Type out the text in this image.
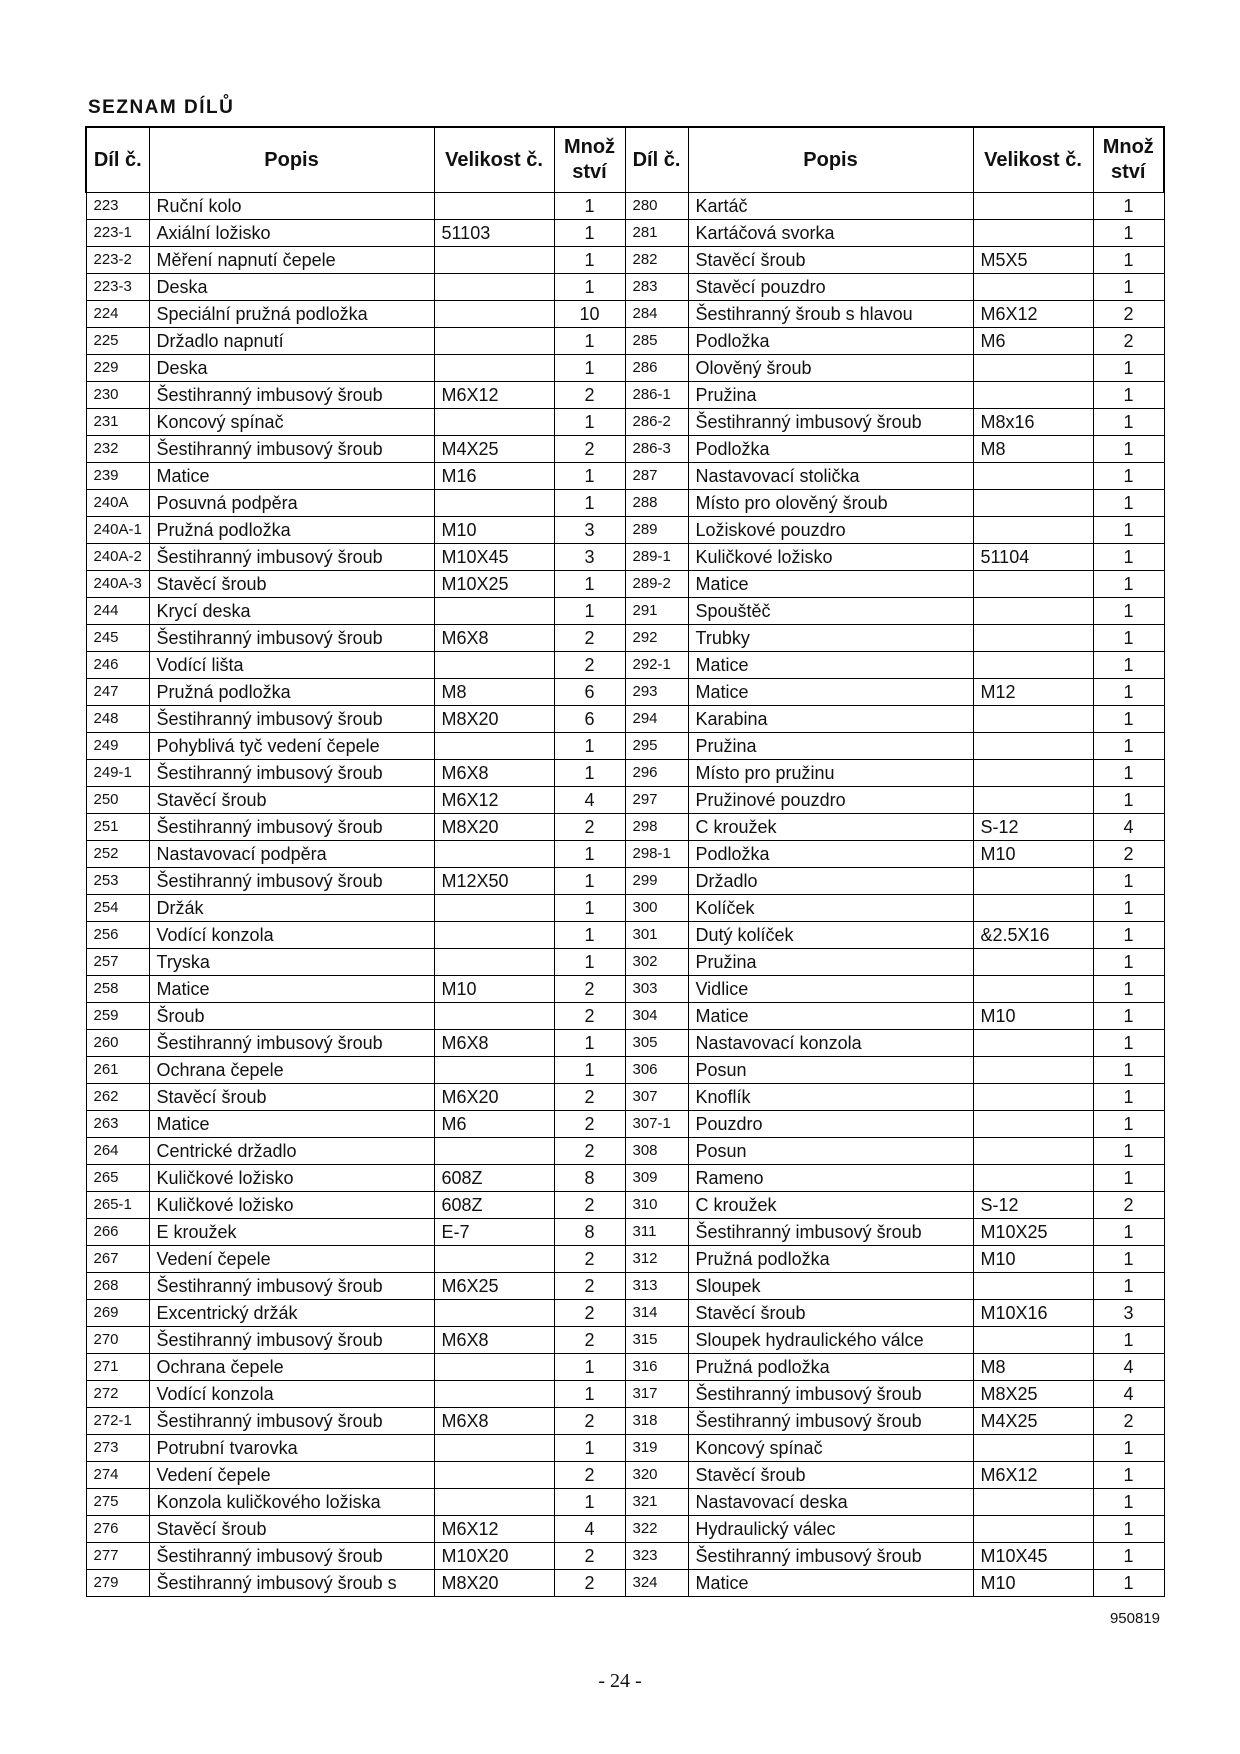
SEZNAM DÍLŮ
Díl č.	Popis	Velikost č.	Množ ství	Díl č.	Popis	Velikost č.	Množ ství
223	Ruční kolo		1	280	Kartáč		1
223-1	Axiální ložisko	51103	1	281	Kartáčová svorka		1
223-2	Měření napnutí čepele		1	282	Stavěcí šroub	M5X5	1
223-3	Deska		1	283	Stavěcí pouzdro		1
224	Speciální pružná podložka		10	284	Šestihranný šroub s hlavou	M6X12	2
225	Držadlo napnutí		1	285	Podložka	M6	2
229	Deska		1	286	Olověný šroub		1
230	Šestihranný imbusový šroub	M6X12	2	286-1	Pružina		1
231	Koncový spínač		1	286-2	Šestihranný imbusový šroub	M8x16	1
232	Šestihranný imbusový šroub	M4X25	2	286-3	Podložka	M8	1
239	Matice	M16	1	287	Nastavovací stolička		1
240A	Posuvná podpěra		1	288	Místo pro olověný šroub		1
240A-1	Pružná podložka	M10	3	289	Ložiskové pouzdro		1
240A-2	Šestihranný imbusový šroub	M10X45	3	289-1	Kuličkové ložisko	51104	1
240A-3	Stavěcí šroub	M10X25	1	289-2	Matice		1
244	Krycí deska		1	291	Spouštěč		1
245	Šestihranný imbusový šroub	M6X8	2	292	Trubky		1
246	Vodící lišta		2	292-1	Matice		1
247	Pružná podložka	M8	6	293	Matice	M12	1
248	Šestihranný imbusový šroub	M8X20	6	294	Karabina		1
249	Pohyblivá tyč vedení čepele		1	295	Pružina		1
249-1	Šestihranný imbusový šroub	M6X8	1	296	Místo pro pružinu		1
250	Stavěcí šroub	M6X12	4	297	Pružinové pouzdro		1
251	Šestihranný imbusový šroub	M8X20	2	298	C kroužek	S-12	4
252	Nastavovací podpěra		1	298-1	Podložka	M10	2
253	Šestihranný imbusový šroub	M12X50	1	299	Držadlo		1
254	Držák		1	300	Kolíček		1
256	Vodící konzola		1	301	Dutý kolíček	&2.5X16	1
257	Tryska		1	302	Pružina		1
258	Matice	M10	2	303	Vidlice		1
259	Šroub		2	304	Matice	M10	1
260	Šestihranný imbusový šroub	M6X8	1	305	Nastavovací konzola		1
261	Ochrana čepele		1	306	Posun		1
262	Stavěcí šroub	M6X20	2	307	Knoflík		1
263	Matice	M6	2	307-1	Pouzdro		1
264	Centrické držadlo		2	308	Posun		1
265	Kuličkové ložisko	608Z	8	309	Rameno		1
265-1	Kuličkové ložisko	608Z	2	310	C kroužek	S-12	2
266	E kroužek	E-7	8	311	Šestihranný imbusový šroub	M10X25	1
267	Vedení čepele		2	312	Pružná podložka	M10	1
268	Šestihranný imbusový šroub	M6X25	2	313	Sloupek		1
269	Excentrický držák		2	314	Stavěcí šroub	M10X16	3
270	Šestihranný imbusový šroub	M6X8	2	315	Sloupek hydraulického válce		1
271	Ochrana čepele		1	316	Pružná podložka	M8	4
272	Vodící konzola		1	317	Šestihranný imbusový šroub	M8X25	4
272-1	Šestihranný imbusový šroub	M6X8	2	318	Šestihranný imbusový šroub	M4X25	2
273	Potrubní tvarovka		1	319	Koncový spínač		1
274	Vedení čepele		2	320	Stavěcí šroub	M6X12	1
275	Konzola kuličkového ložiska		1	321	Nastavovací deska		1
276	Stavěcí šroub	M6X12	4	322	Hydraulický válec		1
277	Šestihranný imbusový šroub	M10X20	2	323	Šestihranný imbusový šroub	M10X45	1
279	Šestihranný imbusový šroub s	M8X20	2	324	Matice	M10	1
950819
- 24 -
